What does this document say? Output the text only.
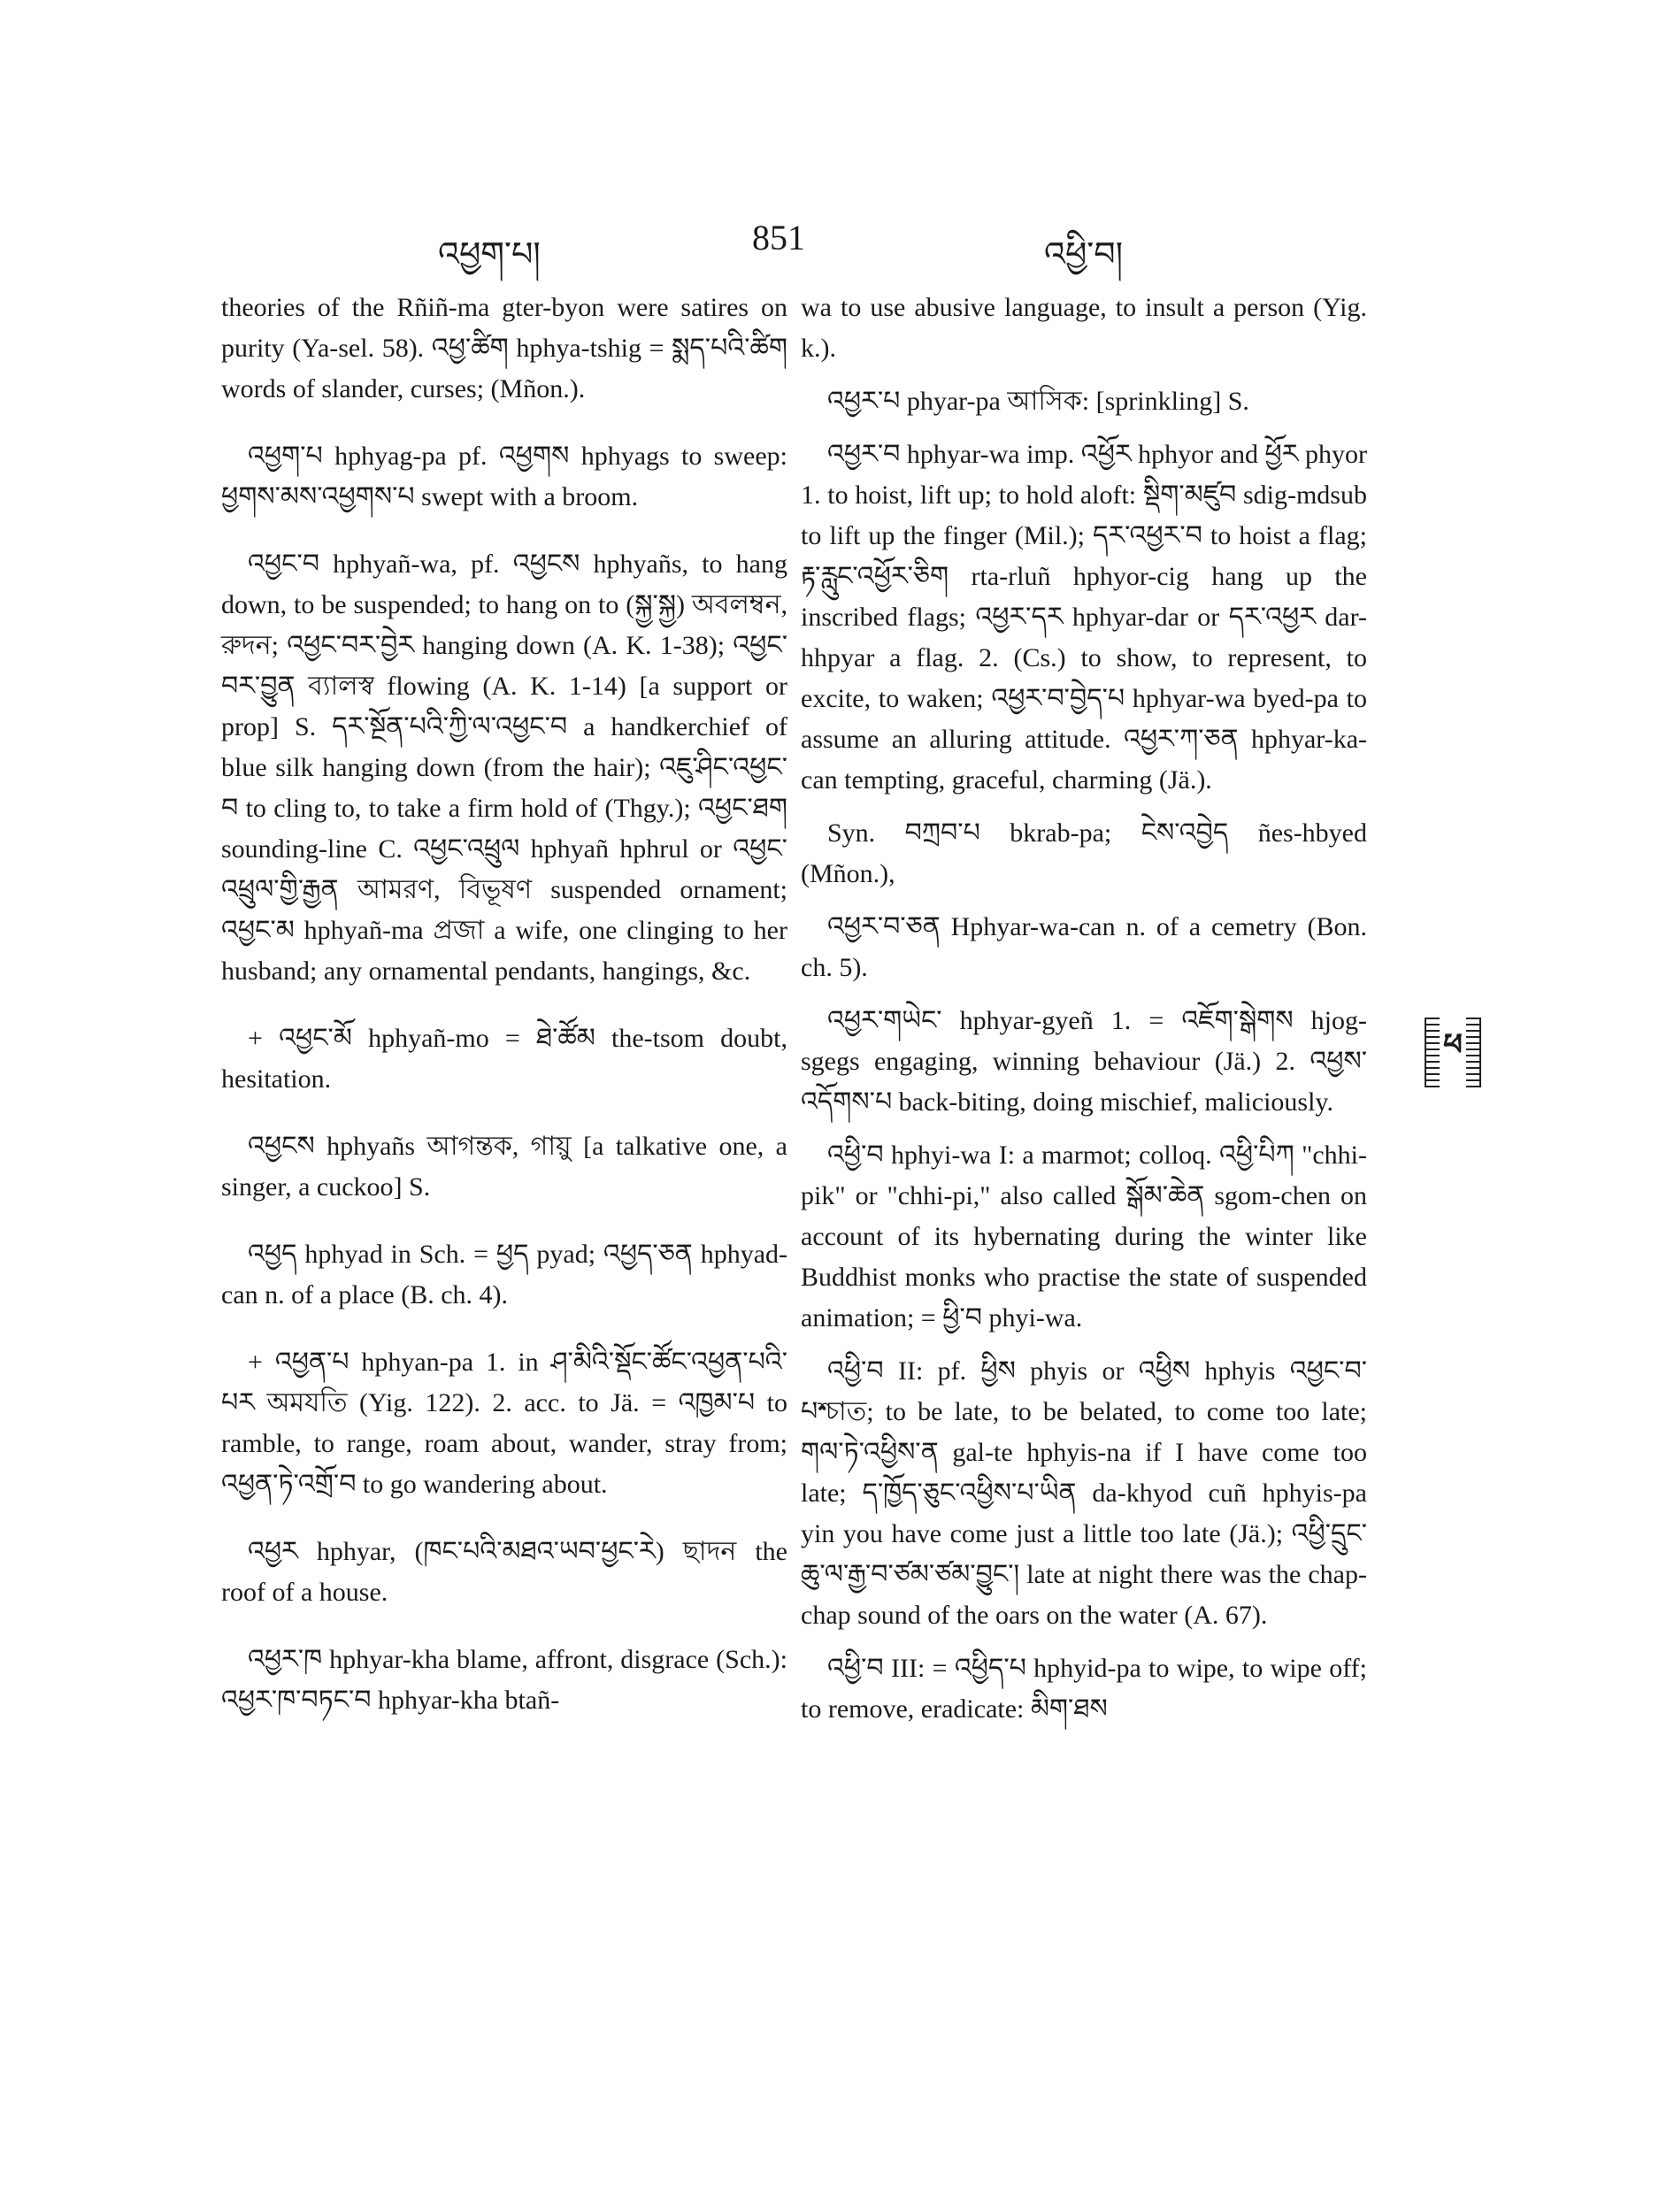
འཕྱག་པ།	851	འཕྱི་བ།

theories of the Rñiñ-ma gter-byon were satires on purity (Ya-sel. 58). འཕྱ་ཚིག hphya-tshig = སྨད་པའི་ཚིག words of slander, curses; (Mñon.).

འཕྱག་པ hphyag-pa pf. འཕྱགས hphyags to sweep: ཕྱགས་མས་འཕྱགས་པ swept with a broom.

འཕྱང་བ hphyañ-wa, pf. འཕྱངས hphyañs, to hang down, to be suspended; to hang on to (སྐྱ་སྐྱ) অবলম্বন, রুদন; འཕྱང་བར་བྱེར hanging down (A. K. 1-38); འཕྱང་བར་བྱུན ব্যালস্ব flowing (A. K. 1-14) [a support or prop] S. དར་སྔོན་པའི་ཀྱི་ལ་འཕྱང་བ a handkerchief of blue silk hanging down (from the hair); འཇུ་ཤིང་འཕྱང་བ to cling to, to take a firm hold of (Thgy.); འཕྱང་ཐག sounding-line C. འཕྱང་འཕྲུལ hphyañ hphrul or འཕྱང་འཕྲུལ་གྱི་རྒྱན আমরণ, বিভূষণ suspended ornament; འཕྱང་མ hphyañ-ma প্রজা a wife, one clinging to her husband; any ornamental pendants, hangings, &c.

+ འཕྱང་མོ hphyañ-mo = ཐེ་ཚོམ the-tsom doubt, hesitation.

འཕྱངས hphyañs আগন্তক, গায়ু [a talkative one, a singer, a cuckoo] S.

འཕྱད hphyad in Sch. = ཕྱད pyad; འཕྱད་ཅན hphyad-can n. of a place (B. ch. 4).

+ འཕྱན་པ hphyan-pa 1. in ཤ་མིའི་སྡོང་ཚོང་འཕྱན་པའི་པར অমযতি (Yig. 122). 2. acc. to Jä. = འཁྱམ་པ to ramble, to range, roam about, wander, stray from; འཕྱན་ཏེ་འགྲོ་བ to go wandering about.

འཕྱར hphyar, (ཁང་པའི་མཐའ་ཡབ་ཕྱང་རེ) ছাদন the roof of a house.

འཕྱར་ཁ hphyar-kha blame, affront, disgrace (Sch.): འཕྱར་ཁ་བཏང་བ hphyar-kha btañ-

wa to use abusive language, to insult a person (Yig. k.).

འཕྱར་པ phyar-pa আসিক: [sprinkling] S.

འཕྱར་བ hphyar-wa imp. འཕྱོར hphyor and ཕྱོར phyor 1. to hoist, lift up; to hold aloft: སྡིག་མཛུབ sdig-mdsub to lift up the finger (Mil.); དར་འཕྱར་བ to hoist a flag; རྟ་རླུང་འཕྱོར་ཅིག rta-rluñ hphyor-cig hang up the inscribed flags; འཕྱར་དར hphyar-dar or དར་འཕྱར dar-hhpyar a flag. 2. (Cs.) to show, to represent, to excite, to waken; འཕྱར་བ་བྱེད་པ hphyar-wa byed-pa to assume an alluring attitude. འཕྱར་ཀ་ཅན hphyar-ka-can tempting, graceful, charming (Jä.).

Syn. བཀྲབ་པ bkrab-pa; ངེས་འབྱེད ñes-hbyed (Mñon.),

འཕྱར་བ་ཅན Hphyar-wa-can n. of a cemetry (Bon. ch. 5).

འཕྱར་གཡེང་ hphyar-gyeñ 1. = འཇོག་སྒེགས hjog-sgegs engaging, winning behaviour (Jä.) 2. འཕྱས་འདོགས་པ back-biting, doing mischief, maliciously.

འཕྱི་བ hphyi-wa I: a marmot; colloq. འཕྱི་པིཀ "chhi-pik" or "chhi-pi," also called སྒོམ་ཆེན sgom-chen on account of its hybernating during the winter like Buddhist monks who practise the state of suspended animation; = ཕྱི་བ phyi-wa.

འཕྱི་བ II: pf. ཕྱིས phyis or འཕྱིས hphyis འཕྱང་བ་ པশ্চাত; to be late, to be belated, to come too late; གལ་ཏེ་འཕྱིས་ན gal-te hphyis-na if I have come too late; ད་ཁྱོད་ཅུང་འཕྱིས་པ་ཡིན da-khyod cuñ hphyis-pa yin you have come just a little too late (Jä.); འཕྱི་དྲུང་ཆུ་ལ་རྒྱ་བ་ཙམ་ཙམ་བྱུང་། late at night there was the chap-chap sound of the oars on the water (A. 67).

འཕྱི་བ III: = འཕྱིད་པ hphyid-pa to wipe, to wipe off; to remove, eradicate: མིག་ཐས

ཕ
